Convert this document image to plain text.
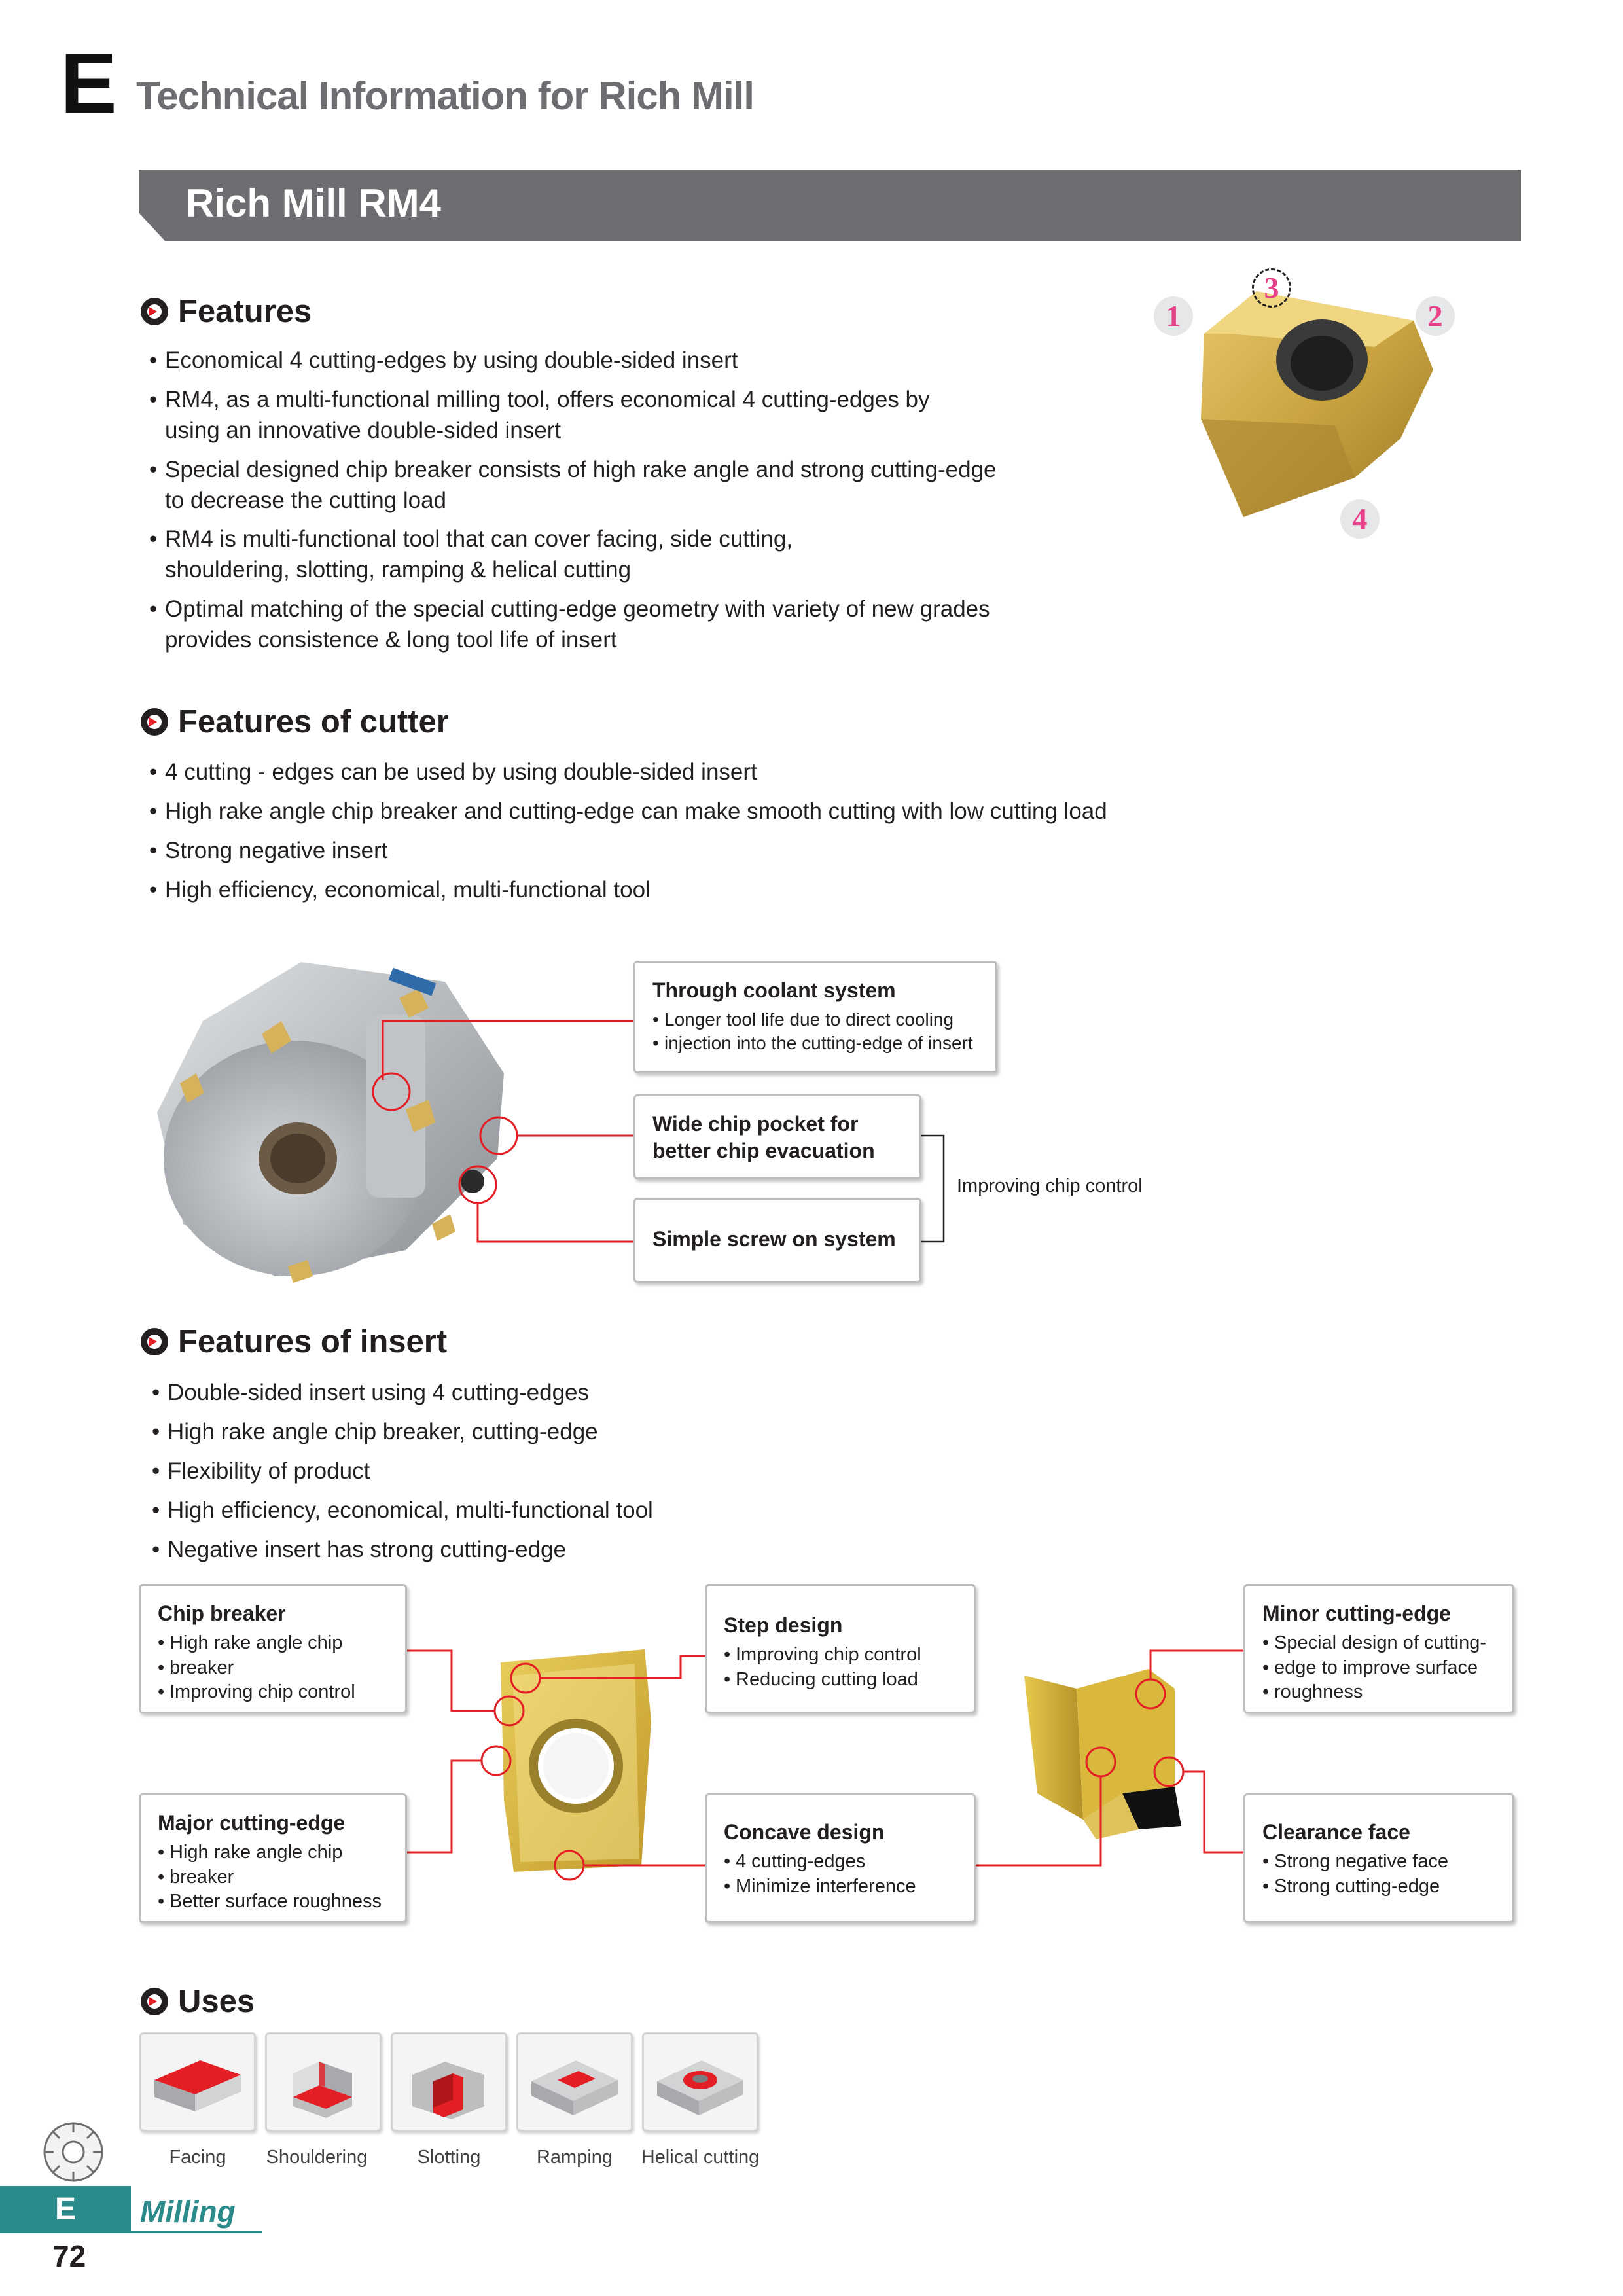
E Technical Information for Rich Mill
Rich Mill RM4
Features
• Economical 4 cutting-edges by using double-sided insert
• RM4, as a multi-functional milling tool, offers economical 4 cutting-edges by using an innovative double-sided insert
• Special designed chip breaker consists of high rake angle and strong cutting-edge to decrease the cutting load
• RM4 is multi-functional tool that can cover facing, side cutting, shouldering, slotting, ramping & helical cutting
• Optimal matching of the special cutting-edge geometry with variety of new grades provides consistence & long tool life of insert
1	2
3
4
Features of cutter
• 4 cutting - edges can be used by using double-sided insert
• High rake angle chip breaker and cutting-edge can make smooth cutting with low cutting load
• Strong negative insert
• High efficiency, economical, multi-functional tool
Through coolant system
• Longer tool life due to direct cooling
• injection into the cutting-edge of insert
Wide chip pocket for
better chip evacuation
Simple screw on system
Improving chip control
Features of insert
• Double-sided insert using 4 cutting-edges
• High rake angle chip breaker, cutting-edge
• Flexibility of product
• High efficiency, economical, multi-functional tool
• Negative insert has strong cutting-edge
Chip breaker
• High rake angle chip
• breaker
• Improving chip control
Major cutting-edge
• High rake angle chip
• breaker
• Better surface roughness
Step design
• Improving chip control
• Reducing cutting load
Concave design
• 4 cutting-edges
• Minimize interference
Minor cutting-edge
• Special design of cutting-
• edge to improve surface
• roughness
Clearance face
• Strong negative face
• Strong cutting-edge
Uses
Facing	Shouldering	Slotting	Ramping	Helical cutting
E	Milling
72
